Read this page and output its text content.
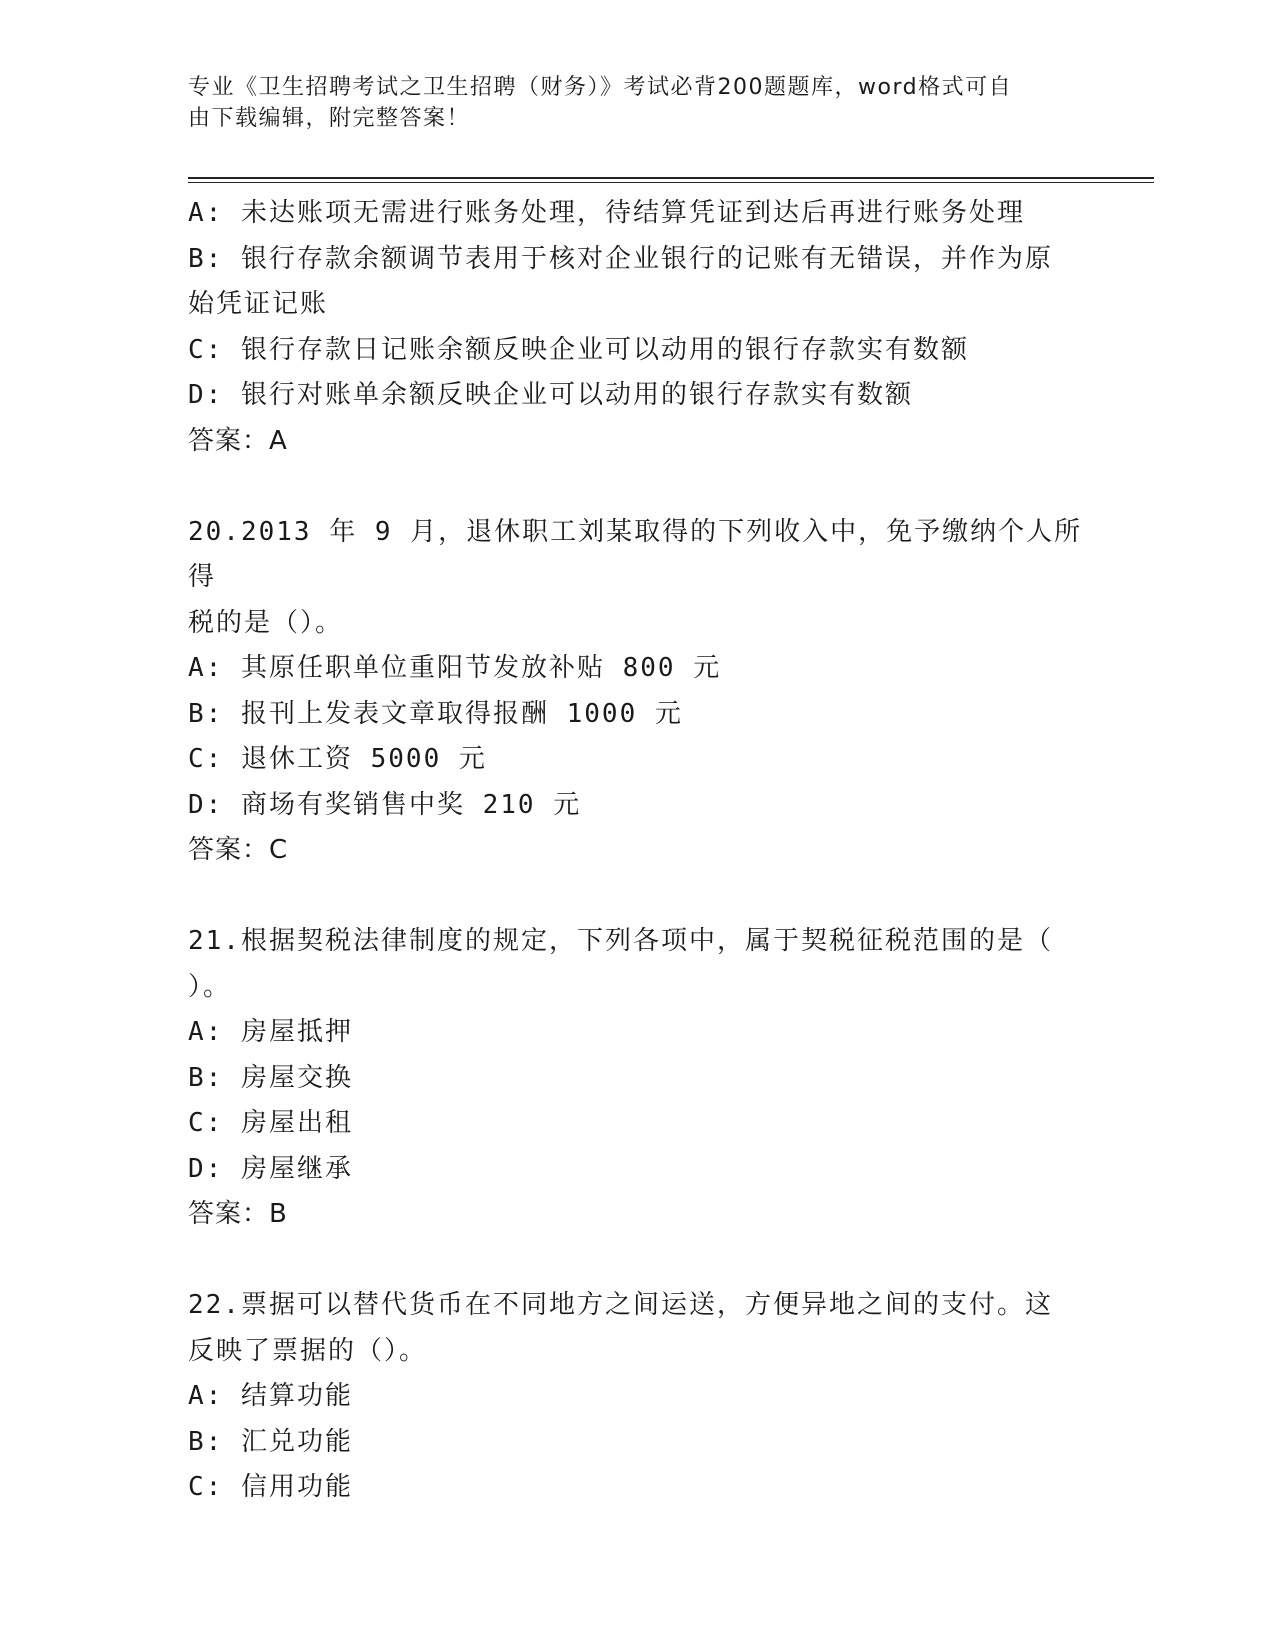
专业《卫生招聘考试之卫生招聘（财务）》考试必背200题题库，word格式可自
由下载编辑，附完整答案！

A: 未达账项无需进行账务处理，待结算凭证到达后再进行账务处理

B: 银行存款余额调节表用于核对企业银行的记账有无错误，并作为原

始凭证记账

C: 银行存款日记账余额反映企业可以动用的银行存款实有数额

D: 银行对账单余额反映企业可以动用的银行存款实有数额

答案：A

20.2013 年 9 月，退休职工刘某取得的下列收入中，免予缴纳个人所得

税的是（）。

A: 其原任职单位重阳节发放补贴 800 元

B: 报刊上发表文章取得报酬 1000 元

C: 退休工资 5000 元

D: 商场有奖销售中奖 210 元

答案：C

21.根据契税法律制度的规定，下列各项中，属于契税征税范围的是（

）。

A: 房屋抵押

B: 房屋交换

C: 房屋出租

D: 房屋继承

答案：B

22.票据可以替代货币在不同地方之间运送，方便异地之间的支付。这

反映了票据的（）。

A: 结算功能

B: 汇兑功能

C: 信用功能
